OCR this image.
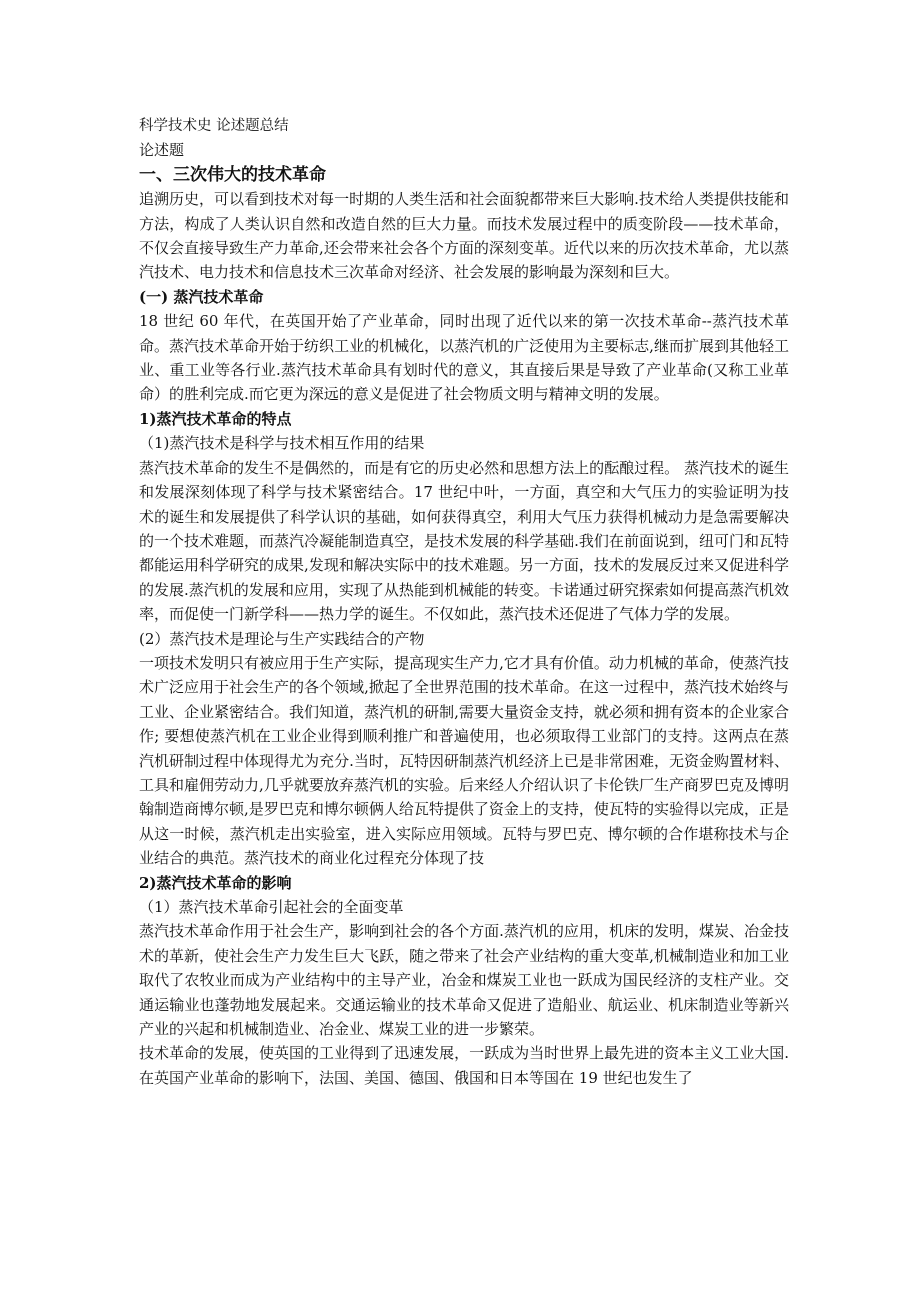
科学技术史 论述题总结

论述题

一、三次伟大的技术革命

追溯历史，可以看到技术对每一时期的人类生活和社会面貌都带来巨大影响.技术给人类提供技能和方法，构成了人类认识自然和改造自然的巨大力量。而技术发展过程中的质变阶段——技术革命，不仅会直接导致生产力革命,还会带来社会各个方面的深刻变革。近代以来的历次技术革命，尤以蒸汽技术、电力技术和信息技术三次革命对经济、社会发展的影响最为深刻和巨大。

(一) 蒸汽技术革命

18 世纪 60 年代，在英国开始了产业革命，同时出现了近代以来的第一次技术革命--蒸汽技术革命。蒸汽技术革命开始于纺织工业的机械化，以蒸汽机的广泛使用为主要标志,继而扩展到其他轻工业、重工业等各行业.蒸汽技术革命具有划时代的意义，其直接后果是导致了产业革命(又称工业革命）的胜利完成.而它更为深远的意义是促进了社会物质文明与精神文明的发展。

1)蒸汽技术革命的特点

（1)蒸汽技术是科学与技术相互作用的结果

蒸汽技术革命的发生不是偶然的，而是有它的历史必然和思想方法上的酝酿过程。 蒸汽技术的诞生和发展深刻体现了科学与技术紧密结合。17 世纪中叶，一方面，真空和大气压力的实验证明为技术的诞生和发展提供了科学认识的基础，如何获得真空，利用大气压力获得机械动力是急需要解决的一个技术难题，而蒸汽冷凝能制造真空，是技术发展的科学基础.我们在前面说到，纽可门和瓦特都能运用科学研究的成果,发现和解决实际中的技术难题。另一方面，技术的发展反过来又促进科学的发展.蒸汽机的发展和应用，实现了从热能到机械能的转变。卡诺通过研究探索如何提高蒸汽机效率，而促使一门新学科——热力学的诞生。不仅如此，蒸汽技术还促进了气体力学的发展。

(2）蒸汽技术是理论与生产实践结合的产物

一项技术发明只有被应用于生产实际，提高现实生产力,它才具有价值。动力机械的革命，使蒸汽技术广泛应用于社会生产的各个领域,掀起了全世界范围的技术革命。在这一过程中，蒸汽技术始终与工业、企业紧密结合。我们知道，蒸汽机的研制,需要大量资金支持，就必须和拥有资本的企业家合作; 要想使蒸汽机在工业企业得到顺利推广和普遍使用，也必须取得工业部门的支持。这两点在蒸汽机研制过程中体现得尤为充分.当时，瓦特因研制蒸汽机经济上已是非常困难，无资金购置材料、工具和雇佣劳动力,几乎就要放弃蒸汽机的实验。后来经人介绍认识了卡伦铁厂生产商罗巴克及博明翰制造商博尔顿,是罗巴克和博尔顿俩人给瓦特提供了资金上的支持，使瓦特的实验得以完成，正是从这一时候，蒸汽机走出实验室，进入实际应用领域。瓦特与罗巴克、博尔顿的合作堪称技术与企业结合的典范。蒸汽技术的商业化过程充分体现了技

2)蒸汽技术革命的影响

（1）蒸汽技术革命引起社会的全面变革

蒸汽技术革命作用于社会生产，影响到社会的各个方面.蒸汽机的应用，机床的发明，煤炭、冶金技术的革新，使社会生产力发生巨大飞跃，随之带来了社会产业结构的重大变革,机械制造业和加工业取代了农牧业而成为产业结构中的主导产业，冶金和煤炭工业也一跃成为国民经济的支柱产业。交通运输业也蓬勃地发展起来。交通运输业的技术革命又促进了造船业、航运业、机床制造业等新兴产业的兴起和机械制造业、冶金业、煤炭工业的进一步繁荣。

技术革命的发展，使英国的工业得到了迅速发展，一跃成为当时世界上最先进的资本主义工业大国.在英国产业革命的影响下，法国、美国、德国、俄国和日本等国在 19 世纪也发生了
